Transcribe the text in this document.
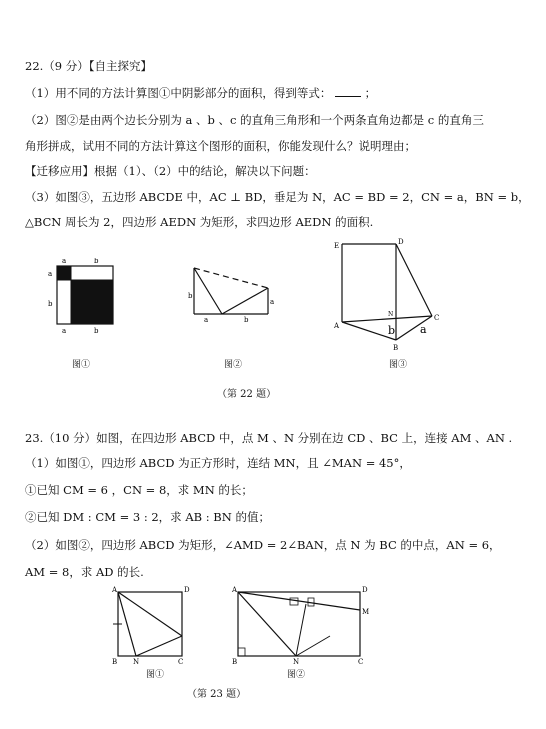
22.（9 分）【自主探究】
（1）用不同的方法计算图①中阴影部分的面积，得到等式：	；
（2）图②是由两个边长分别为 a 、b 、c 的直角三角形和一个两条直角边都是 c 的直角三
角形拼成，试用不同的方法计算这个图形的面积，你能发现什么？说明理由；
【迁移应用】根据（1）、（2）中的结论，解决以下问题：
（3）如图③，五边形 ABCDE 中，AC ⊥ BD，垂足为 N，AC = BD = 2，CN = a，BN = b，
△BCN 周长为 2，四边形 AEDN 为矩形，求四边形 AEDN 的面积.
a	b
a
b
a	b
图①
b
a
a	b
图②
E	D
A
N	C
B
b a
图③
（第 22 题）
23.（10 分）如图，在四边形 ABCD 中，点 M 、N 分别在边 CD 、BC 上，连接 AM 、AN .
（1）如图①，四边形 ABCD 为正方形时，连结 MN，且 ∠MAN = 45°，
①已知 CM = 6 ，CN = 8，求 MN 的长；
②已知 DM : CM = 3 : 2，求 AB : BN 的值；
（2）如图②，四边形 ABCD 为矩形，∠AMD = 2∠BAN，点 N 为 BC 的中点，AN = 6，
AM = 8，求 AD 的长.
A	D
B N	C
图①
A	D
M
B	N	C
图②
（第 23 题）
